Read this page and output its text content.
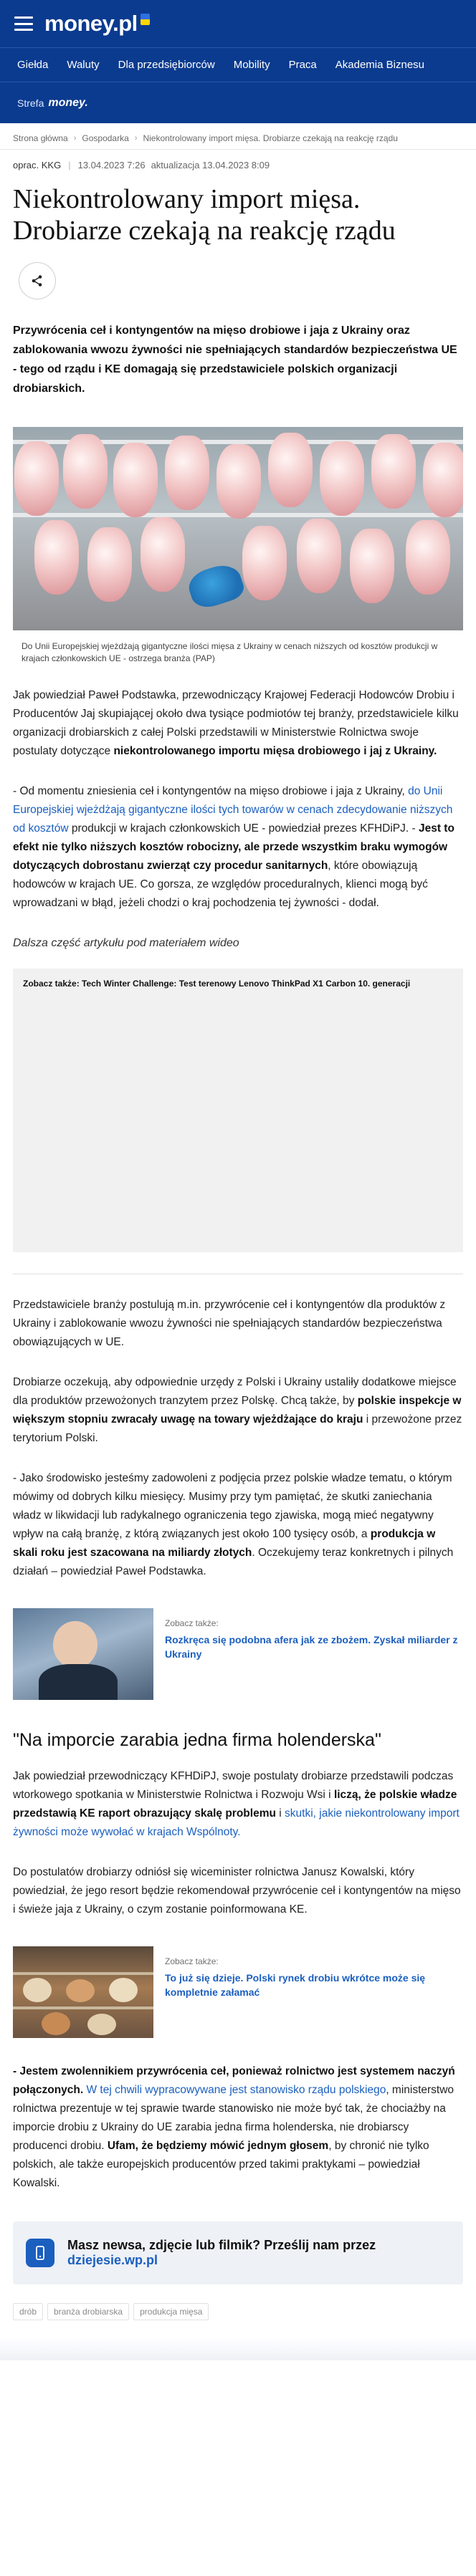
money.pl
Giełda	Waluty	Dla przedsiębiorców	Mobility	Praca	Akademia Biznesu
Strefa money.
Strona główna › Gospodarka › Niekontrolowany import mięsa. Drobiarze czekają na reakcję rządu
oprac. KKG | 13.04.2023 7:26 aktualizacja 13.04.2023 8:09
Niekontrolowany import mięsa. Drobiarze czekają na reakcję rządu

Przywrócenia ceł i kontyngentów na mięso drobiowe i jaja z Ukrainy oraz zablokowania wwozu żywności nie spełniających standardów bezpieczeństwa UE - tego od rządu i KE domagają się przedstawiciele polskich organizacji drobiarskich.

Do Unii Europejskiej wjeżdżają gigantyczne ilości mięsa z Ukrainy w cenach niższych od kosztów produkcji w krajach członkowskich UE - ostrzega branża (PAP)

Jak powiedział Paweł Podstawka, przewodniczący Krajowej Federacji Hodowców Drobiu i Producentów Jaj skupiającej około dwa tysiące podmiotów tej branży, przedstawiciele kilku organizacji drobiarskich z całej Polski przedstawili w Ministerstwie Rolnictwa swoje postulaty dotyczące niekontrolowanego importu mięsa drobiowego i jaj z Ukrainy.

- Od momentu zniesienia ceł i kontyngentów na mięso drobiowe i jaja z Ukrainy, do Unii Europejskiej wjeżdżają gigantyczne ilości tych towarów w cenach zdecydowanie niższych od kosztów produkcji w krajach członkowskich UE - powiedział prezes KFHDiPJ. - Jest to efekt nie tylko niższych kosztów robocizny, ale przede wszystkim braku wymogów dotyczących dobrostanu zwierząt czy procedur sanitarnych, które obowiązują hodowców w krajach UE. Co gorsza, ze względów proceduralnych, klienci mogą być wprowadzani w błąd, jeżeli chodzi o kraj pochodzenia tej żywności - dodał.

Dalsza część artykułu pod materiałem wideo

Zobacz także: Tech Winter Challenge: Test terenowy Lenovo ThinkPad X1 Carbon 10. generacji

Przedstawiciele branży postulują m.in. przywrócenie ceł i kontyngentów dla produktów z Ukrainy i zablokowanie wwozu żywności nie spełniających standardów bezpieczeństwa obowiązujących w UE.

Drobiarze oczekują, aby odpowiednie urzędy z Polski i Ukrainy ustaliły dodatkowe miejsce dla produktów przewożonych tranzytem przez Polskę. Chcą także, by polskie inspekcje w większym stopniu zwracały uwagę na towary wjeżdżające do kraju i przewożone przez terytorium Polski.

- Jako środowisko jesteśmy zadowoleni z podjęcia przez polskie władze tematu, o którym mówimy od dobrych kilku miesięcy. Musimy przy tym pamiętać, że skutki zaniechania władz w likwidacji lub radykalnego ograniczenia tego zjawiska, mogą mieć negatywny wpływ na całą branżę, z którą związanych jest około 100 tysięcy osób, a produkcja w skali roku jest szacowana na miliardy złotych. Oczekujemy teraz konkretnych i pilnych działań – powiedział Paweł Podstawka.

Zobacz także:
Rozkręca się podobna afera jak ze zbożem. Zyskał miliarder z Ukrainy
"Na imporcie zarabia jedna firma holenderska"

Jak powiedział przewodniczący KFHDiPJ, swoje postulaty drobiarze przedstawili podczas wtorkowego spotkania w Ministerstwie Rolnictwa i Rozwoju Wsi i liczą, że polskie władze przedstawią KE raport obrazujący skalę problemu i skutki, jakie niekontrolowany import żywności może wywołać w krajach Wspólnoty.

Do postulatów drobiarzy odniósł się wiceminister rolnictwa Janusz Kowalski, który powiedział, że jego resort będzie rekomendował przywrócenie ceł i kontyngentów na mięso i świeże jaja z Ukrainy, o czym zostanie poinformowana KE.

Zobacz także:
To już się dzieje. Polski rynek drobiu wkrótce może się kompletnie załamać

- Jestem zwolennikiem przywrócenia ceł, ponieważ rolnictwo jest systemem naczyń połączonych. W tej chwili wypracowywane jest stanowisko rządu polskiego, ministerstwo rolnictwa prezentuje w tej sprawie twarde stanowisko nie może być tak, że chociażby na imporcie drobiu z Ukrainy do UE zarabia jedna firma holenderska, nie drobiarscy producenci drobiu. Ufam, że będziemy mówić jednym głosem, by chronić nie tylko polskich, ale także europejskich producentów przed takimi praktykami – powiedział Kowalski.

Masz newsa, zdjęcie lub filmik? Prześlij nam przez dziejesie.wp.pl
drób	branża drobiarska	produkcja mięsa
